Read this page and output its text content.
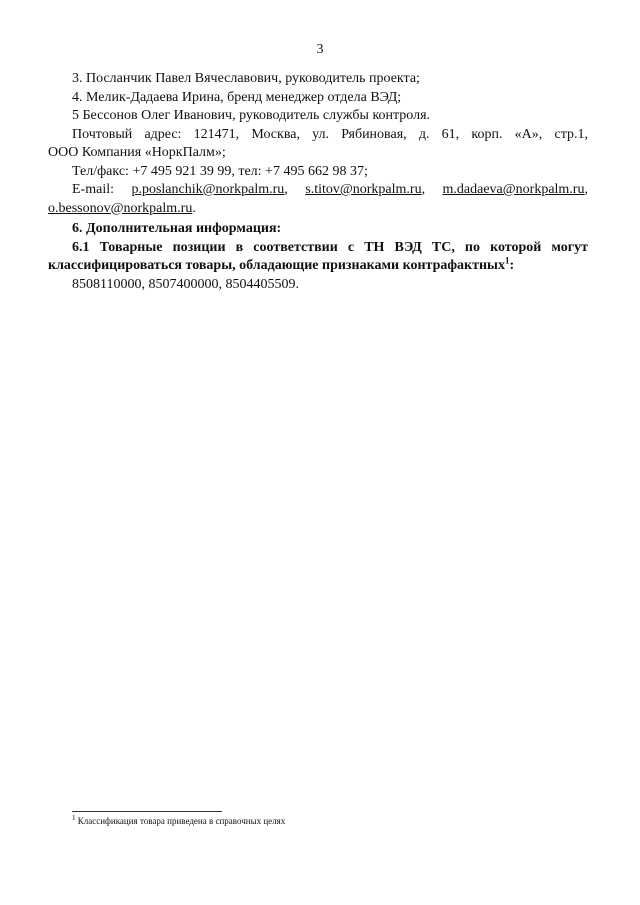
3
3. Посланчик Павел Вячеславович, руководитель проекта;
4. Мелик-Дадаева Ирина, бренд менеджер отдела ВЭД;
5 Бессонов Олег Иванович, руководитель службы контроля.
Почтовый адрес: 121471, Москва, ул. Рябиновая, д. 61, корп. «А», стр.1,
ООО Компания «НоркПалм»;
Тел/факс: +7 495 921 39 99, тел: +7 495 662 98 37;
E-mail: p.poslanchik@norkpalm.ru, s.titov@norkpalm.ru, m.dadaeva@norkpalm.ru,
o.bessonov@norkpalm.ru.
6. Дополнительная информация:
6.1 Товарные позиции в соответствии с ТН ВЭД ТС, по которой могут
классифицироваться товары, обладающие признаками контрафактных$^1$:
8508110000, 8507400000, 8504405509.
$^1$ Классификация товара приведена в справочных целях
